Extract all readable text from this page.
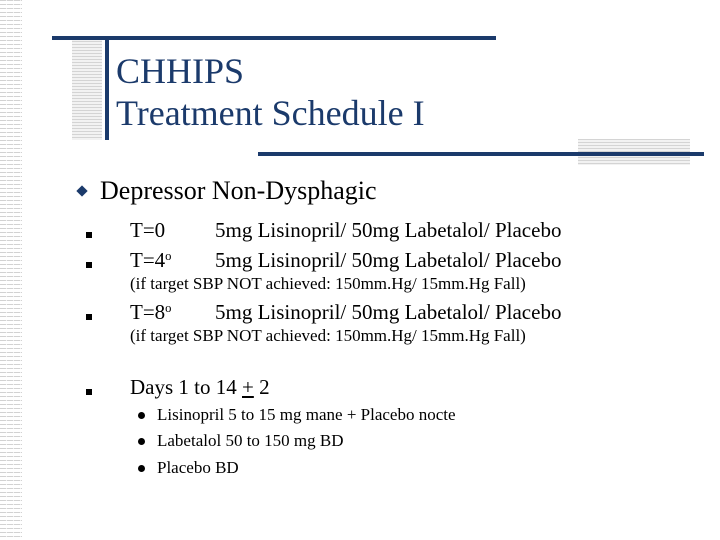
CHHIPS
Treatment Schedule I
Depressor Non-Dysphagic
T=0 5mg Lisinopril/ 50mg Labetalol/ Placebo
$T=4^o$ 5mg Lisinopril/ 50mg Labetalol/ Placebo
(if target SBP NOT achieved: 150mm.Hg/ 15mm.Hg Fall)
$T=8^o$ 5mg Lisinopril/ 50mg Labetalol/ Placebo
(if target SBP NOT achieved: 150mm.Hg/ 15mm.Hg Fall)
Days 1 to 14 + 2
Lisinopril 5 to 15 mg mane + Placebo nocte
Labetalol 50 to 150 mg BD
Placebo BD
